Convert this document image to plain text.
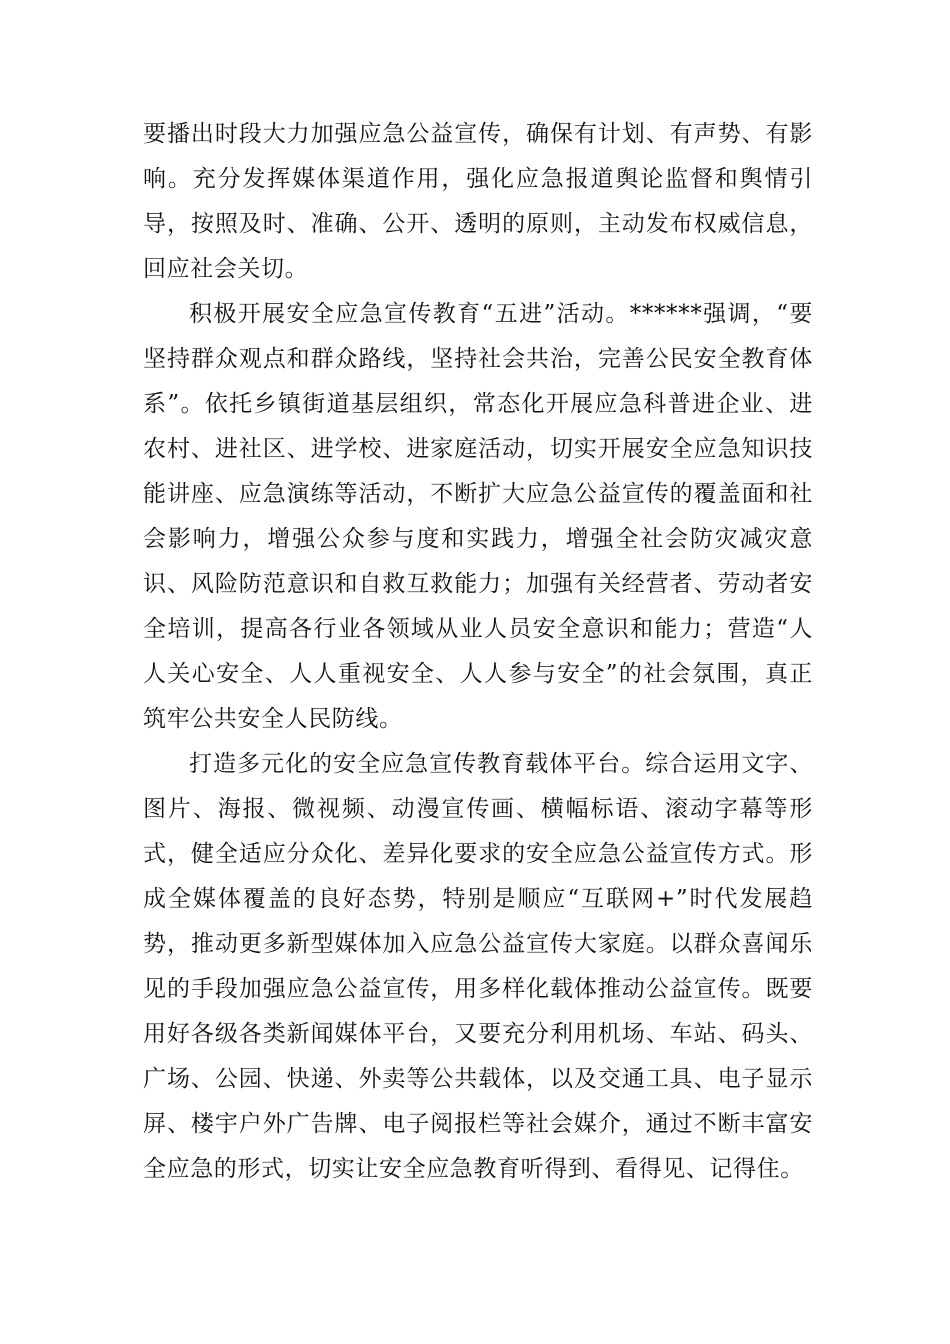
要播出时段大力加强应急公益宣传，确保有计划、有声势、有影响。充分发挥媒体渠道作用，强化应急报道舆论监督和舆情引导，按照及时、准确、公开、透明的原则，主动发布权威信息，回应社会关切。

积极开展安全应急宣传教育“五进”活动。******强调，“要坚持群众观点和群众路线，坚持社会共治，完善公民安全教育体系”。依托乡镇街道基层组织，常态化开展应急科普进企业、进农村、进社区、进学校、进家庭活动，切实开展安全应急知识技能讲座、应急演练等活动，不断扩大应急公益宣传的覆盖面和社会影响力，增强公众参与度和实践力，增强全社会防灾减灾意识、风险防范意识和自救互救能力；加强有关经营者、劳动者安全培训，提高各行业各领域从业人员安全意识和能力；营造“人人关心安全、人人重视安全、人人参与安全”的社会氛围，真正筑牢公共安全人民防线。

打造多元化的安全应急宣传教育载体平台。综合运用文字、图片、海报、微视频、动漫宣传画、横幅标语、滚动字幕等形式，健全适应分众化、差异化要求的安全应急公益宣传方式。形成全媒体覆盖的良好态势，特别是顺应“互联网+”时代发展趋势，推动更多新型媒体加入应急公益宣传大家庭。以群众喜闻乐见的手段加强应急公益宣传，用多样化载体推动公益宣传。既要用好各级各类新闻媒体平台，又要充分利用机场、车站、码头、广场、公园、快递、外卖等公共载体，以及交通工具、电子显示屏、楼宇户外广告牌、电子阅报栏等社会媒介，通过不断丰富安全应急的形式，切实让安全应急教育听得到、看得见、记得住。
